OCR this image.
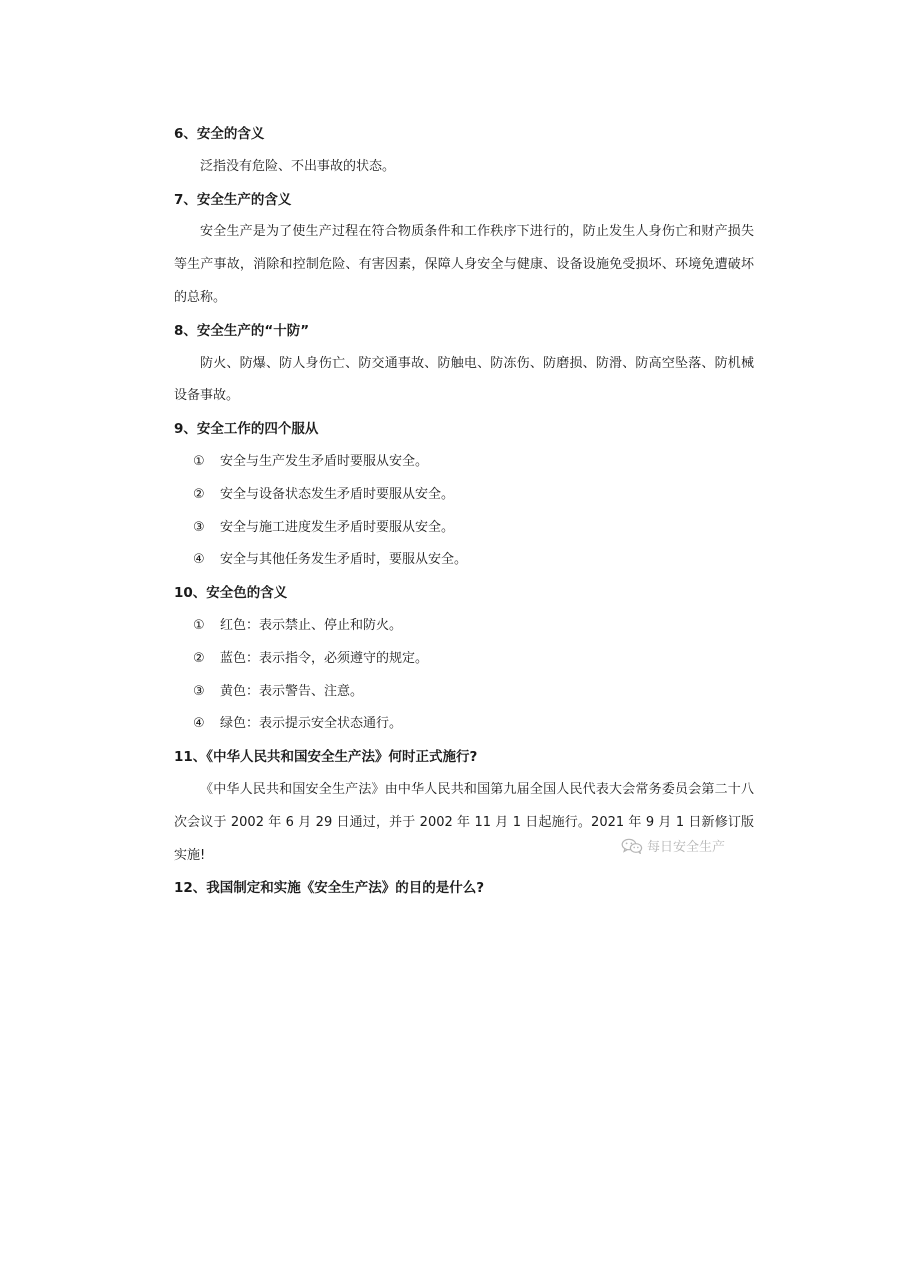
6、安全的含义

泛指没有危险、不出事故的状态。

7、安全生产的含义

安全生产是为了使生产过程在符合物质条件和工作秩序下进行的，防止发生人身伤亡和财产损失等生产事故，消除和控制危险、有害因素，保障人身安全与健康、设备设施免受损坏、环境免遭破坏的总称。

8、安全生产的“十防”

防火、防爆、防人身伤亡、防交通事故、防触电、防冻伤、防磨损、防滑、防高空坠落、防机械设备事故。

9、安全工作的四个服从
① 安全与生产发生矛盾时要服从安全。
② 安全与设备状态发生矛盾时要服从安全。
③ 安全与施工进度发生矛盾时要服从安全。
④ 安全与其他任务发生矛盾时，要服从安全。
10、安全色的含义
① 红色：表示禁止、停止和防火。
② 蓝色：表示指令，必须遵守的规定。
③ 黄色：表示警告、注意。
④ 绿色：表示提示安全状态通行。
11、《中华人民共和国安全生产法》何时正式施行?

《中华人民共和国安全生产法》由中华人民共和国第九届全国人民代表大会常务委员会第二十八次会议于 2002 年 6 月 29 日通过，并于 2002 年 11 月 1 日起施行。2021 年 9 月 1 日新修订版实施!

12、我国制定和实施《安全生产法》的目的是什么?
每日安全生产
